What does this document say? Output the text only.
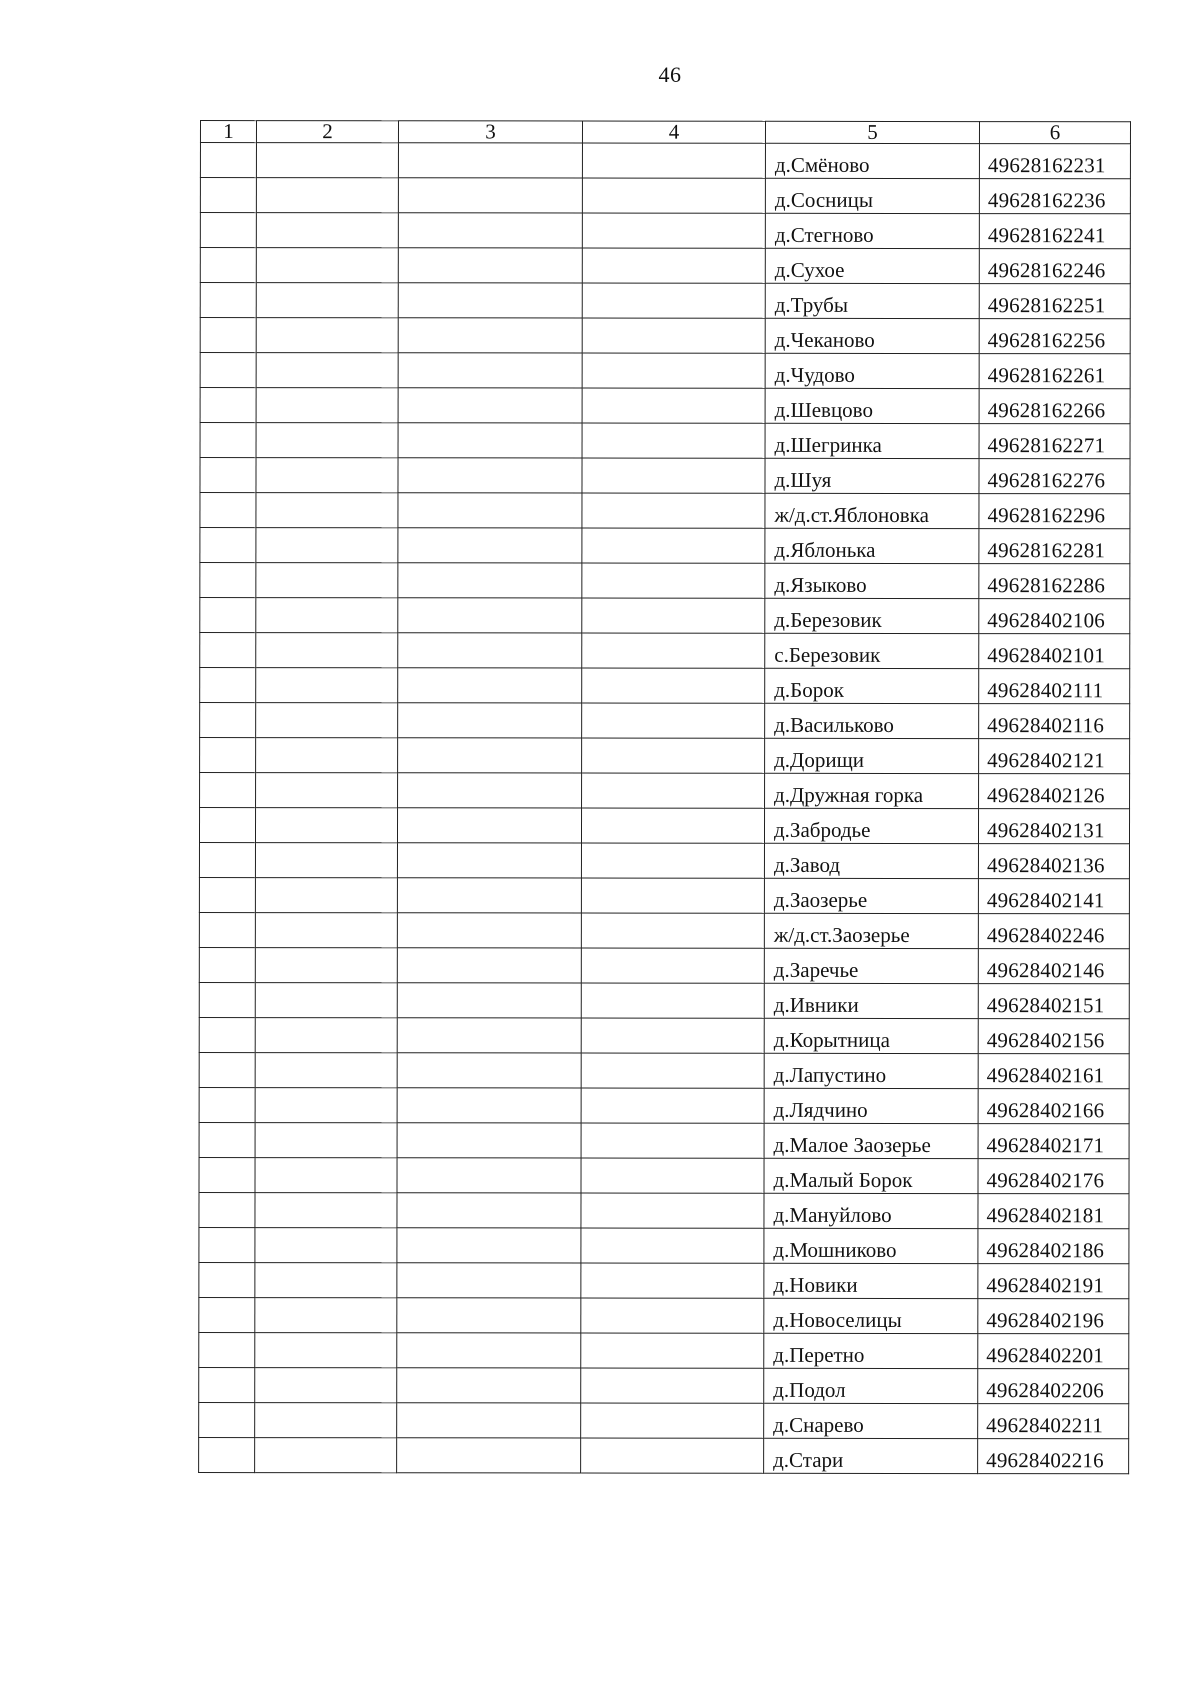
46
1	2	3	4	5	6
				д.Смёново	49628162231
				д.Сосницы	49628162236
				д.Стегново	49628162241
				д.Сухое	49628162246
				д.Трубы	49628162251
				д.Чеканово	49628162256
				д.Чудово	49628162261
				д.Шевцово	49628162266
				д.Шегринка	49628162271
				д.Шуя	49628162276
				ж/д.ст.Яблоновка	49628162296
				д.Яблонька	49628162281
				д.Языково	49628162286
				д.Березовик	49628402106
				с.Березовик	49628402101
				д.Борок	49628402111
				д.Васильково	49628402116
				д.Дорищи	49628402121
				д.Дружная горка	49628402126
				д.Забродье	49628402131
				д.Завод	49628402136
				д.Заозерье	49628402141
				ж/д.ст.Заозерье	49628402246
				д.Заречье	49628402146
				д.Ивники	49628402151
				д.Корытница	49628402156
				д.Лапустино	49628402161
				д.Лядчино	49628402166
				д.Малое Заозерье	49628402171
				д.Малый Борок	49628402176
				д.Мануйлово	49628402181
				д.Мошниково	49628402186
				д.Новики	49628402191
				д.Новоселицы	49628402196
				д.Перетно	49628402201
				д.Подол	49628402206
				д.Снарево	49628402211
				д.Стари	49628402216
